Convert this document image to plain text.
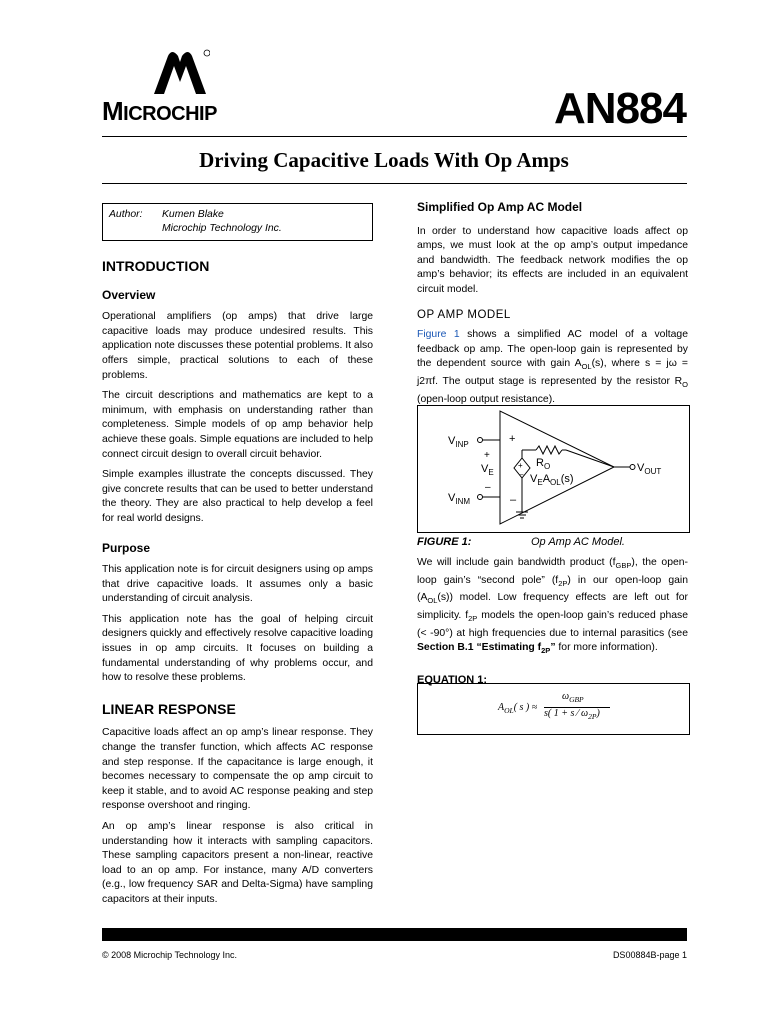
MICROCHIP	AN884
Driving Capacitive Loads With Op Amps
Author: Kumen Blake
Microchip Technology Inc.
INTRODUCTION
Overview

Operational amplifiers (op amps) that drive large capacitive loads may produce undesired results. This application note discusses these potential problems. It also offers simple, practical solutions to each of these problems.

The circuit descriptions and mathematics are kept to a minimum, with emphasis on understanding rather than completeness. Simple models of op amp behavior help achieve these goals. Simple equations are included to help connect circuit design to overall circuit behavior.

Simple examples illustrate the concepts discussed. They give concrete results that can be used to better understand the theory. They are also practical to help develop a feel for real world designs.

Purpose

This application note is for circuit designers using op amps that drive capacitive loads. It assumes only a basic understanding of circuit analysis.

This application note has the goal of helping circuit designers quickly and effectively resolve capacitive loading issues in op amp circuits. It focuses on building a fundamental understanding of why problems occur, and how to resolve these problems.

LINEAR RESPONSE

Capacitive loads affect an op amp’s linear response. They change the transfer function, which affects AC response and step response. If the capacitance is large enough, it becomes necessary to compensate the op amp circuit to keep it stable, and to avoid AC response peaking and step response overshoot and ringing.

An op amp’s linear response is also critical in understanding how it interacts with sampling capacitors. These sampling capacitors present a non-linear, reactive load to an op amp. For instance, many A/D converters (e.g., low frequency SAR and Delta-Sigma) have sampling capacitors at their inputs.

Simplified Op Amp AC Model

In order to understand how capacitive loads affect op amps, we must look at the op amp’s output impedance and bandwidth. The feedback network modifies the op amp’s behavior; its effects are included in an equivalent circuit model.

OP AMP MODEL

Figure 1 shows a simplified AC model of a voltage feedback op amp. The open-loop gain is represented by the dependent source with gain $A_{OL}(s)$, where s = jω = j2πf. The output stage is represented by the resistor $R_O$ (open-loop output resistance).

$V_{INP}$
$V_{INM}$
+
–
+
$V_E$
–
+
–
$R_O$
$V_EA_{OL}(s)$
$V_{OUT}$
FIGURE 1:	Op Amp AC Model.

We will include gain bandwidth product $(f_{GBP})$, the open-loop gain’s “second pole” $(f_{2P})$ in our open-loop gain $(A_{OL}(s))$ model. Low frequency effects are left out for simplicity. $f_{2P}$ models the open-loop gain’s reduced phase (< -90°) at high frequencies due to internal parasitics (see Section B.1 “Estimating $f_{2P}$” for more information).

EQUATION 1:
$A_{OL}$( s ) ≈
$\omega_{GBP}$
s( 1 + s ⁄ $\omega_{2P}$)
© 2008 Microchip Technology Inc.	DS00884B-page 1
